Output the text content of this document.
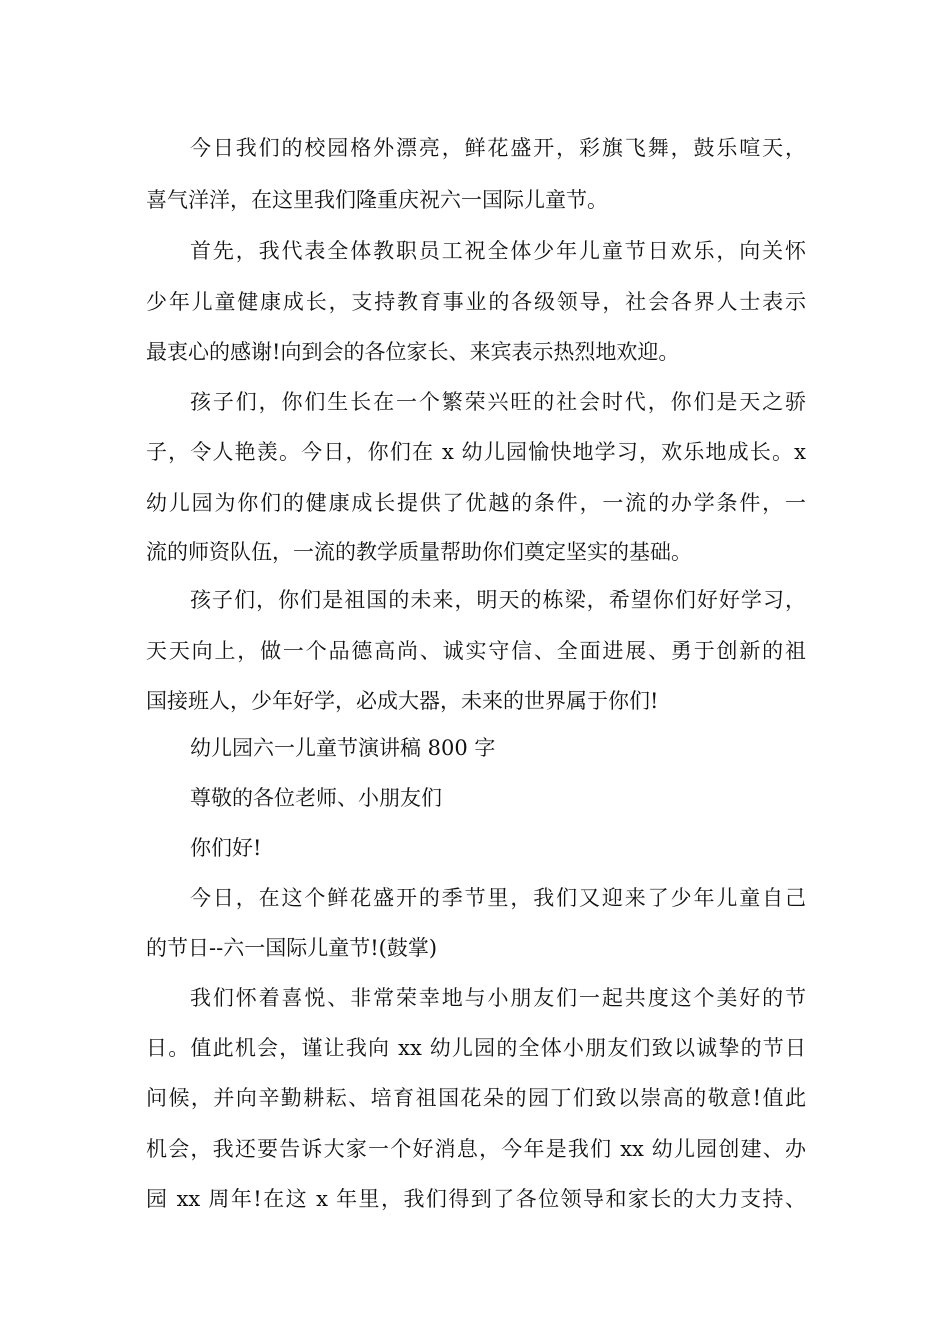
今日我们的校园格外漂亮，鲜花盛开，彩旗飞舞，鼓乐喧天，
喜气洋洋，在这里我们隆重庆祝六一国际儿童节。
首先，我代表全体教职员工祝全体少年儿童节日欢乐，向关怀
少年儿童健康成长，支持教育事业的各级领导，社会各界人士表示
最衷心的感谢!向到会的各位家长、来宾表示热烈地欢迎。
孩子们，你们生长在一个繁荣兴旺的社会时代，你们是天之骄
子，令人艳羡。今日，你们在 x 幼儿园愉快地学习，欢乐地成长。x
幼儿园为你们的健康成长提供了优越的条件，一流的办学条件，一
流的师资队伍，一流的教学质量帮助你们奠定坚实的基础。
孩子们，你们是祖国的未来，明天的栋梁，希望你们好好学习，
天天向上，做一个品德高尚、诚实守信、全面进展、勇于创新的祖
国接班人，少年好学，必成大器，未来的世界属于你们!
幼儿园六一儿童节演讲稿 800 字
尊敬的各位老师、小朋友们
你们好!
今日，在这个鲜花盛开的季节里，我们又迎来了少年儿童自己
的节日--六一国际儿童节!(鼓掌)
我们怀着喜悦、非常荣幸地与小朋友们一起共度这个美好的节
日。值此机会，谨让我向 xx 幼儿园的全体小朋友们致以诚挚的节日
问候，并向辛勤耕耘、培育祖国花朵的园丁们致以崇高的敬意!值此
机会，我还要告诉大家一个好消息，今年是我们 xx 幼儿园创建、办
园 xx 周年!在这 x 年里，我们得到了各位领导和家长的大力支持、
